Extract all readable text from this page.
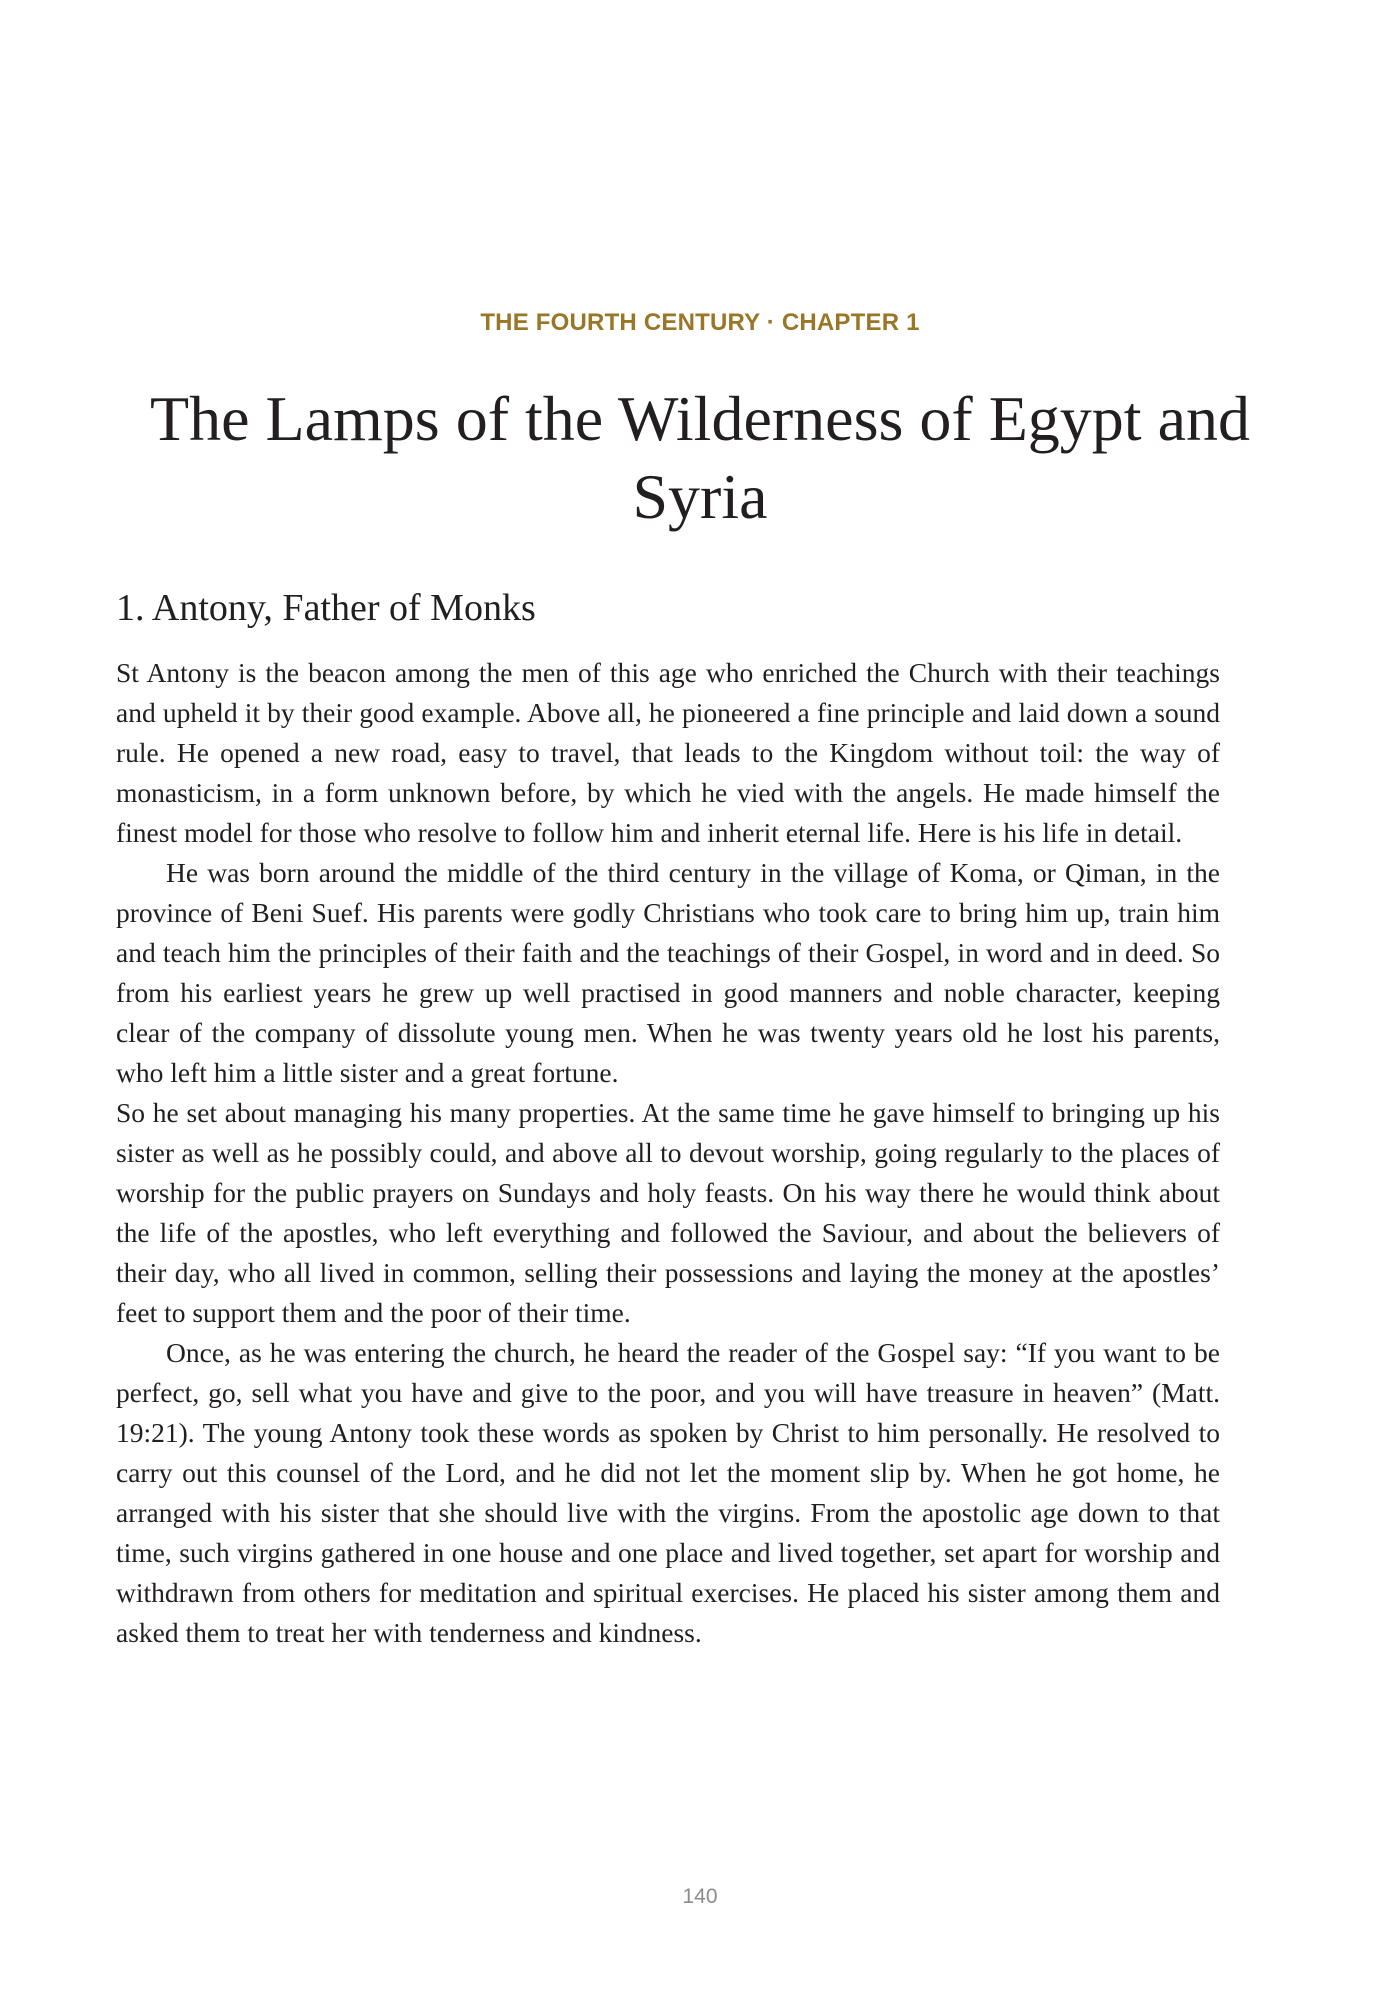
THE FOURTH CENTURY · CHAPTER 1
The Lamps of the Wilderness of Egypt and Syria
1. Antony, Father of Monks

St Antony is the beacon among the men of this age who enriched the Church with their teachings and upheld it by their good example. Above all, he pioneered a fine principle and laid down a sound rule. He opened a new road, easy to travel, that leads to the Kingdom without toil: the way of monasticism, in a form unknown before, by which he vied with the angels. He made himself the finest model for those who resolve to follow him and inherit eternal life. Here is his life in detail.

He was born around the middle of the third century in the village of Koma, or Qiman, in the province of Beni Suef. His parents were godly Christians who took care to bring him up, train him and teach him the principles of their faith and the teachings of their Gospel, in word and in deed. So from his earliest years he grew up well practised in good manners and noble character, keeping clear of the company of dissolute young men. When he was twenty years old he lost his parents, who left him a little sister and a great fortune.

So he set about managing his many properties. At the same time he gave himself to bringing up his sister as well as he possibly could, and above all to devout worship, going regularly to the places of worship for the public prayers on Sundays and holy feasts. On his way there he would think about the life of the apostles, who left everything and followed the Saviour, and about the believers of their day, who all lived in common, selling their possessions and laying the money at the apostles’ feet to support them and the poor of their time.

Once, as he was entering the church, he heard the reader of the Gospel say: “If you want to be perfect, go, sell what you have and give to the poor, and you will have treasure in heaven” (Matt. 19:21). The young Antony took these words as spoken by Christ to him personally. He resolved to carry out this counsel of the Lord, and he did not let the moment slip by. When he got home, he arranged with his sister that she should live with the virgins. From the apostolic age down to that time, such virgins gathered in one house and one place and lived together, set apart for worship and withdrawn from others for meditation and spiritual exercises. He placed his sister among them and asked them to treat her with tenderness and kindness.

140
